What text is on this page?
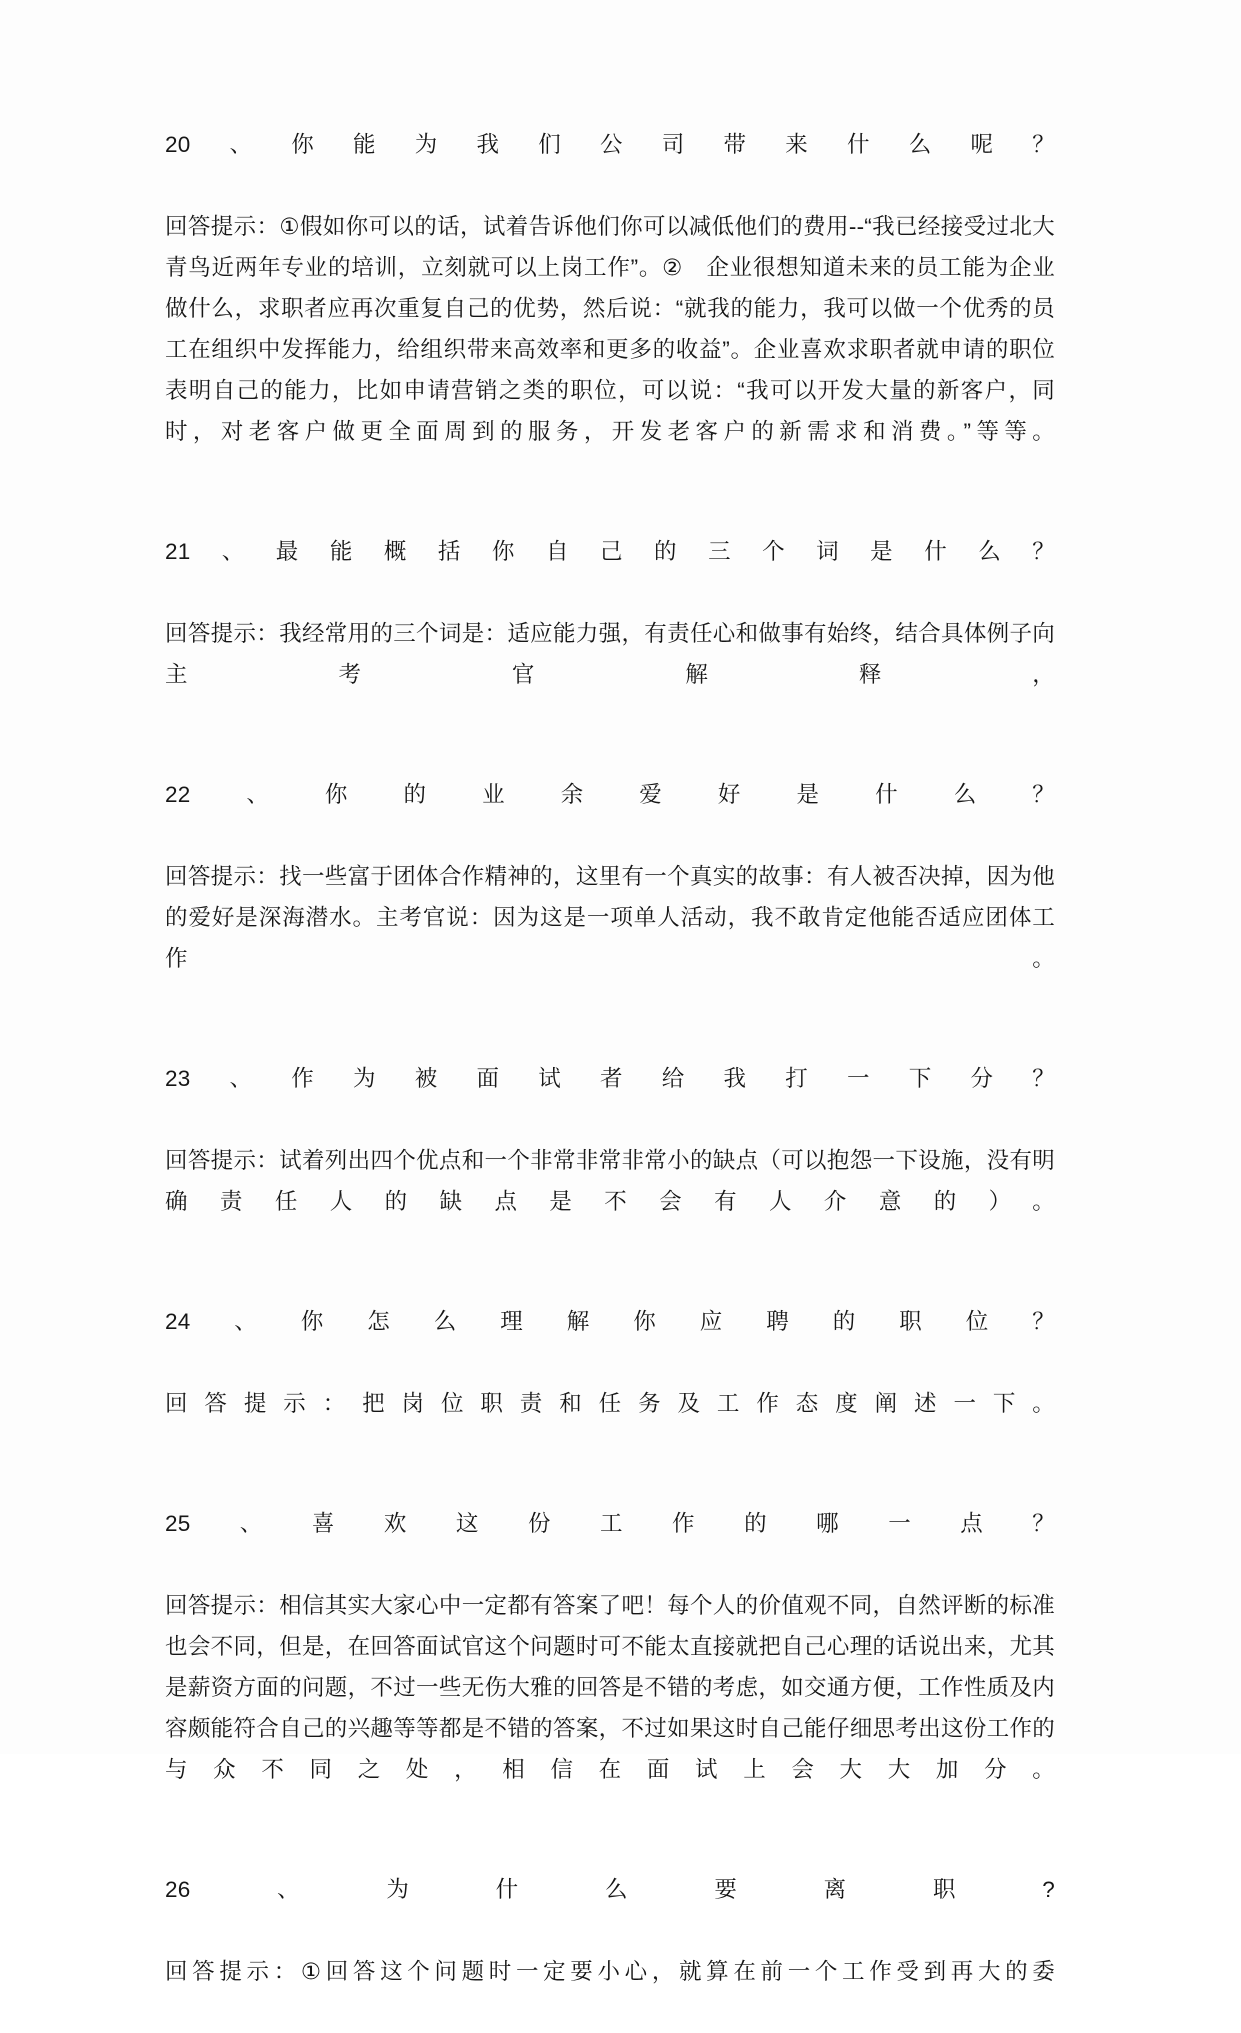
20、你能为我们公司带来什么呢？
回答提示：①假如你可以的话，试着告诉他们你可以减低他们的费用--“我已经接受过北大青鸟近两年专业的培训，立刻就可以上岗工作”。②　企业很想知道未来的员工能为企业做什么，求职者应再次重复自己的优势，然后说：“就我的能力，我可以做一个优秀的员工在组织中发挥能力，给组织带来高效率和更多的收益”。企业喜欢求职者就申请的职位表明自己的能力，比如申请营销之类的职位，可以说：“我可以开发大量的新客户，同时，对老客户做更全面周到的服务，开发老客户的新需求和消费。”等等。
21、最能概括你自己的三个词是什么？
回答提示：我经常用的三个词是：适应能力强，有责任心和做事有始终，结合具体例子向主考官解释，
22、你的业余爱好是什么？
回答提示：找一些富于团体合作精神的，这里有一个真实的故事：有人被否决掉，因为他的爱好是深海潜水。主考官说：因为这是一项单人活动，我不敢肯定他能否适应团体工作。
23、作为被面试者给我打一下分？
回答提示：试着列出四个优点和一个非常非常非常小的缺点（可以抱怨一下设施，没有明确责任人的缺点是不会有人介意的）。
24、你怎么理解你应聘的职位？
回答提示：把岗位职责和任务及工作态度阐述一下。
25、喜欢这份工作的哪一点？
回答提示：相信其实大家心中一定都有答案了吧！每个人的价值观不同，自然评断的标准也会不同，但是，在回答面试官这个问题时可不能太直接就把自己心理的话说出来，尤其是薪资方面的问题，不过一些无伤大雅的回答是不错的考虑，如交通方便，工作性质及内容颇能符合自己的兴趣等等都是不错的答案，不过如果这时自己能仔细思考出这份工作的与众不同之处，相信在面试上会大大加分。
26、为什么要离职?
回答提示：①回答这个问题时一定要小心，就算在前一个工作受到再大的委
